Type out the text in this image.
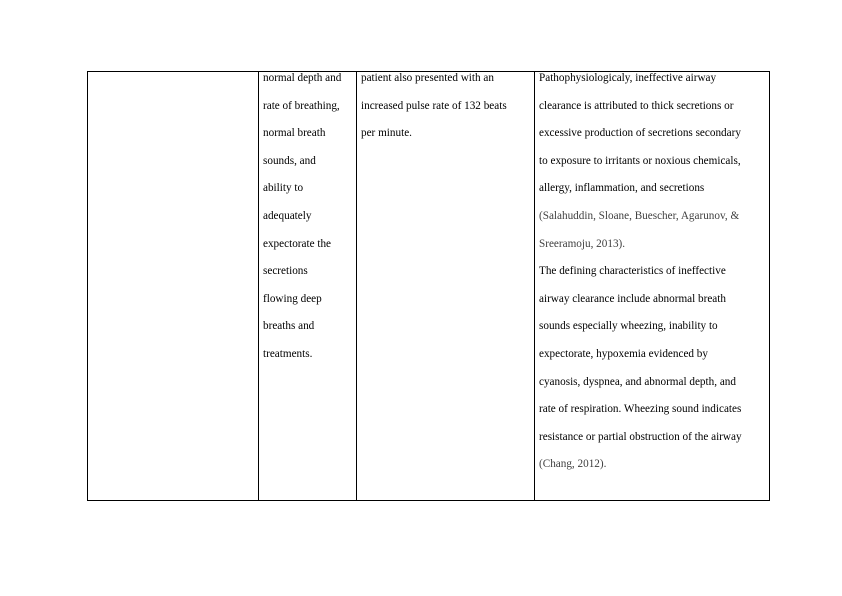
normal depth and
rate of breathing,
normal breath
sounds, and
ability to
adequately
expectorate the
secretions
flowing deep
breaths and
treatments.

patient also presented with an
increased pulse rate of 132 beats
per minute.

Pathophysiologicaly, ineffective airway
clearance is attributed to thick secretions or
excessive production of secretions secondary
to exposure to irritants or noxious chemicals,
allergy, inflammation, and secretions
(Salahuddin, Sloane, Buescher, Agarunov, &
Sreeramoju, 2013).
The defining characteristics of ineffective
airway clearance include abnormal breath
sounds especially wheezing, inability to
expectorate, hypoxemia evidenced by
cyanosis, dyspnea, and abnormal depth, and
rate of respiration. Wheezing sound indicates
resistance or partial obstruction of the airway
(Chang, 2012).
